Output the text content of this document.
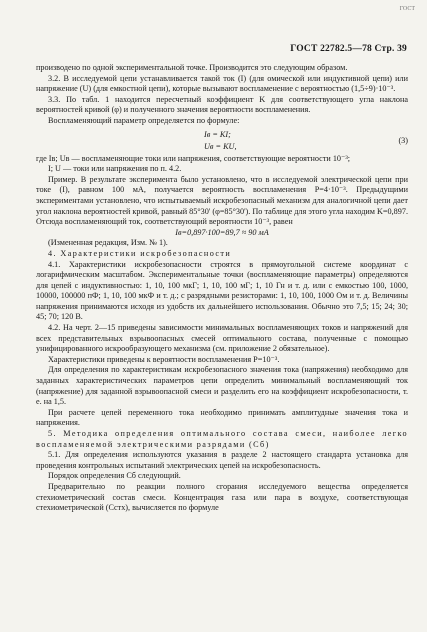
ГОСТ
ГОСТ 22782.5—78 Стр. 39

производено по одной экспериментальной точке. Производится это следующим образом.

3.2. В исследуемой цепи устанавливается такой ток (I) (для омической или индуктивной цепи) или напряжение (U) (для емкостной цепи), которые вызывают воспламенение с вероятностью (1,5÷9)·10⁻³.

3.3. По табл. 1 находится пересчетный коэффициент K для соответствующего угла наклона вероятностей кривой (φ) и полученного значения вероятности воспламенения.

Воспламеняющий параметр определяется по формуле:

Iв = KI;
Uв = KU,
(3)

где Iв; Uв — воспламеняющие токи или напряжения, соответствующие вероятности 10⁻³;

I; U — токи или напряжения по п. 4.2.

Пример. В результате эксперимента было установлено, что в исследуемой электрической цепи при токе (I), равном 100 мА, получается вероятность воспламенения P=4·10⁻³. Предыдущими экспериментами установлено, что испытываемый искробезопасный механизм для аналогичной цепи дает угол наклона вероятностей кривой, равный 85°30' (φ=85°30'). По таблице для этого угла находим K=0,897. Отсюда воспламеняющий ток, соответствующий вероятности 10⁻³, равен

Iв=0,897·100=89,7 ≈ 90 мА

(Измененная редакция, Изм. № 1).

4. Характеристики искробезопасности

4.1. Характеристики искробезопасности строятся в прямоугольной системе координат с логарифмическим масштабом. Экспериментальные точки (воспламеняющие параметры) определяются для цепей с индуктивностью: 1, 10, 100 мкГ; 1, 10, 100 мГ; 1, 10 Гн и т. д. или с емкостью 100, 1000, 10000, 100000 пФ; 1, 10, 100 мкФ и т. д.; с разрядными резисторами: 1, 10, 100, 1000 Ом и т. д. Величины напряжения принимаются исходя из удобств их дальнейшего использования. Обычно это 7,5; 15; 24; 30; 45; 70; 120 В.

4.2. На черт. 2—15 приведены зависимости минимальных воспламеняющих токов и напряжений для всех представительных взрывоопасных смесей оптимального состава, полученные с помощью унифицированного искрообразующего механизма (см. приложение 2 обязательное).

Характеристики приведены к вероятности воспламенения P=10⁻³.

Для определения по характеристикам искробезопасного значения тока (напряжения) необходимо для заданных характеристических параметров цепи определить минимальный воспламеняющий ток (напряжение) для заданной взрывоопасной смеси и разделить его на коэффициент искробезопасности, т. е. на 1,5.

При расчете цепей переменного тока необходимо принимать амплитудные значения тока и напряжения.

5. Методика определения оптимального состава смеси, наиболее легко воспламеняемой электрическими разрядами (Cб)

5.1. Для определения используются указания в разделе 2 настоящего стандарта установка для проведения контрольных испытаний электрических цепей на искробезопасность.

Порядок определения Cб следующий.

Предварительно по реакции полного сгорания исследуемого вещества определяется стехиометрический состав смеси. Концентрация газа или пара в воздухе, соответствующая стехиометрической (Cстх), вычисляется по формуле
